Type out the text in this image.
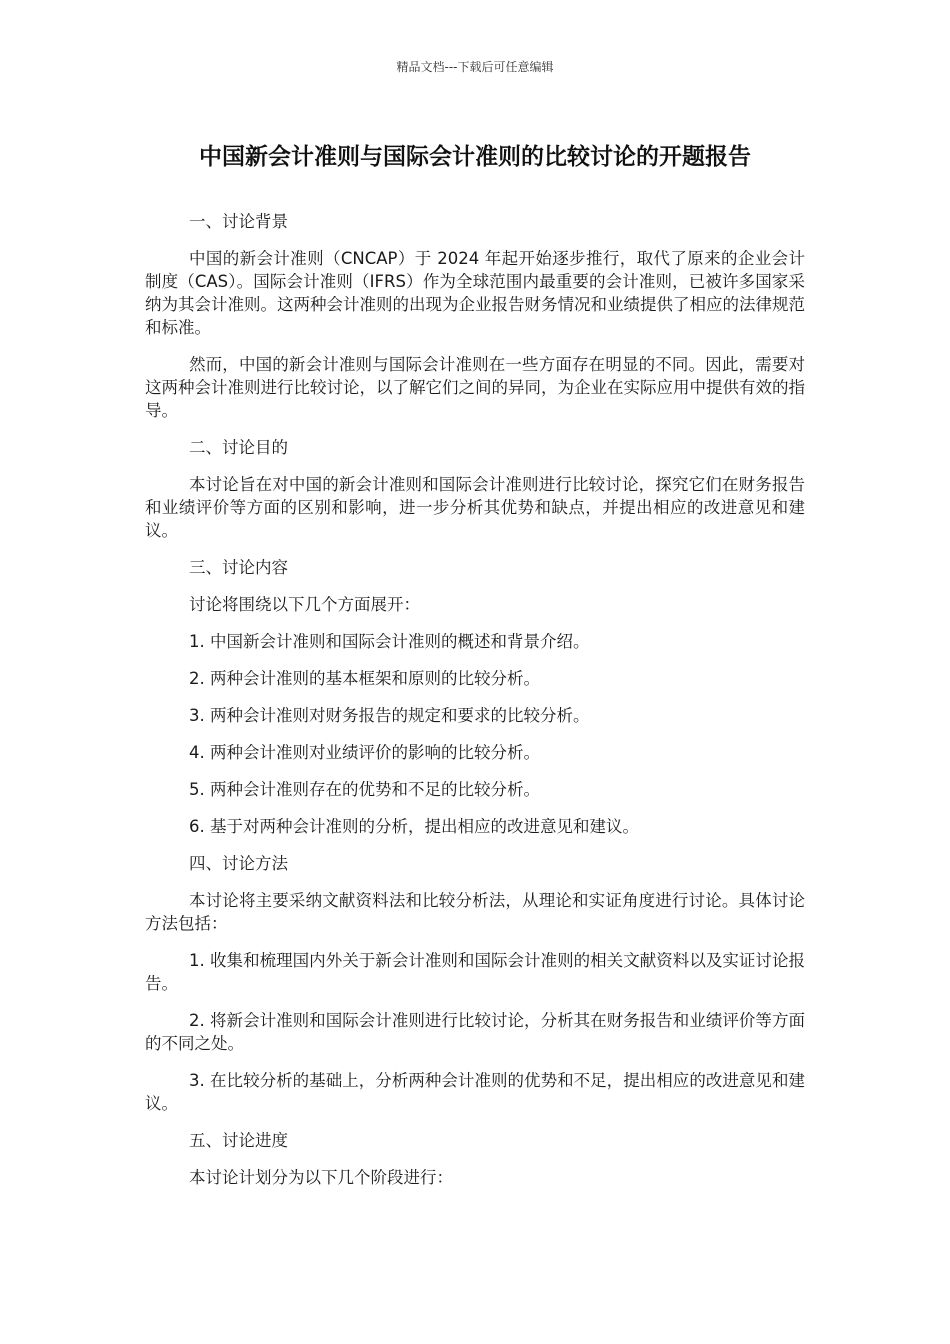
精品文档---下载后可任意编辑
中国新会计准则与国际会计准则的比较讨论的开题报告

一、讨论背景

中国的新会计准则（CNCAP）于 2024 年起开始逐步推行，取代了原来的企业会计制度（CAS）。国际会计准则（IFRS）作为全球范围内最重要的会计准则，已被许多国家采纳为其会计准则。这两种会计准则的出现为企业报告财务情况和业绩提供了相应的法律规范和标准。

然而，中国的新会计准则与国际会计准则在一些方面存在明显的不同。因此，需要对这两种会计准则进行比较讨论，以了解它们之间的异同，为企业在实际应用中提供有效的指导。

二、讨论目的

本讨论旨在对中国的新会计准则和国际会计准则进行比较讨论，探究它们在财务报告和业绩评价等方面的区别和影响，进一步分析其优势和缺点，并提出相应的改进意见和建议。

三、讨论内容

讨论将围绕以下几个方面展开：

1. 中国新会计准则和国际会计准则的概述和背景介绍。

2. 两种会计准则的基本框架和原则的比较分析。

3. 两种会计准则对财务报告的规定和要求的比较分析。

4. 两种会计准则对业绩评价的影响的比较分析。

5. 两种会计准则存在的优势和不足的比较分析。

6. 基于对两种会计准则的分析，提出相应的改进意见和建议。

四、讨论方法

本讨论将主要采纳文献资料法和比较分析法，从理论和实证角度进行讨论。具体讨论方法包括：

1. 收集和梳理国内外关于新会计准则和国际会计准则的相关文献资料以及实证讨论报告。

2. 将新会计准则和国际会计准则进行比较讨论，分析其在财务报告和业绩评价等方面的不同之处。

3. 在比较分析的基础上，分析两种会计准则的优势和不足，提出相应的改进意见和建议。

五、讨论进度

本讨论计划分为以下几个阶段进行：
